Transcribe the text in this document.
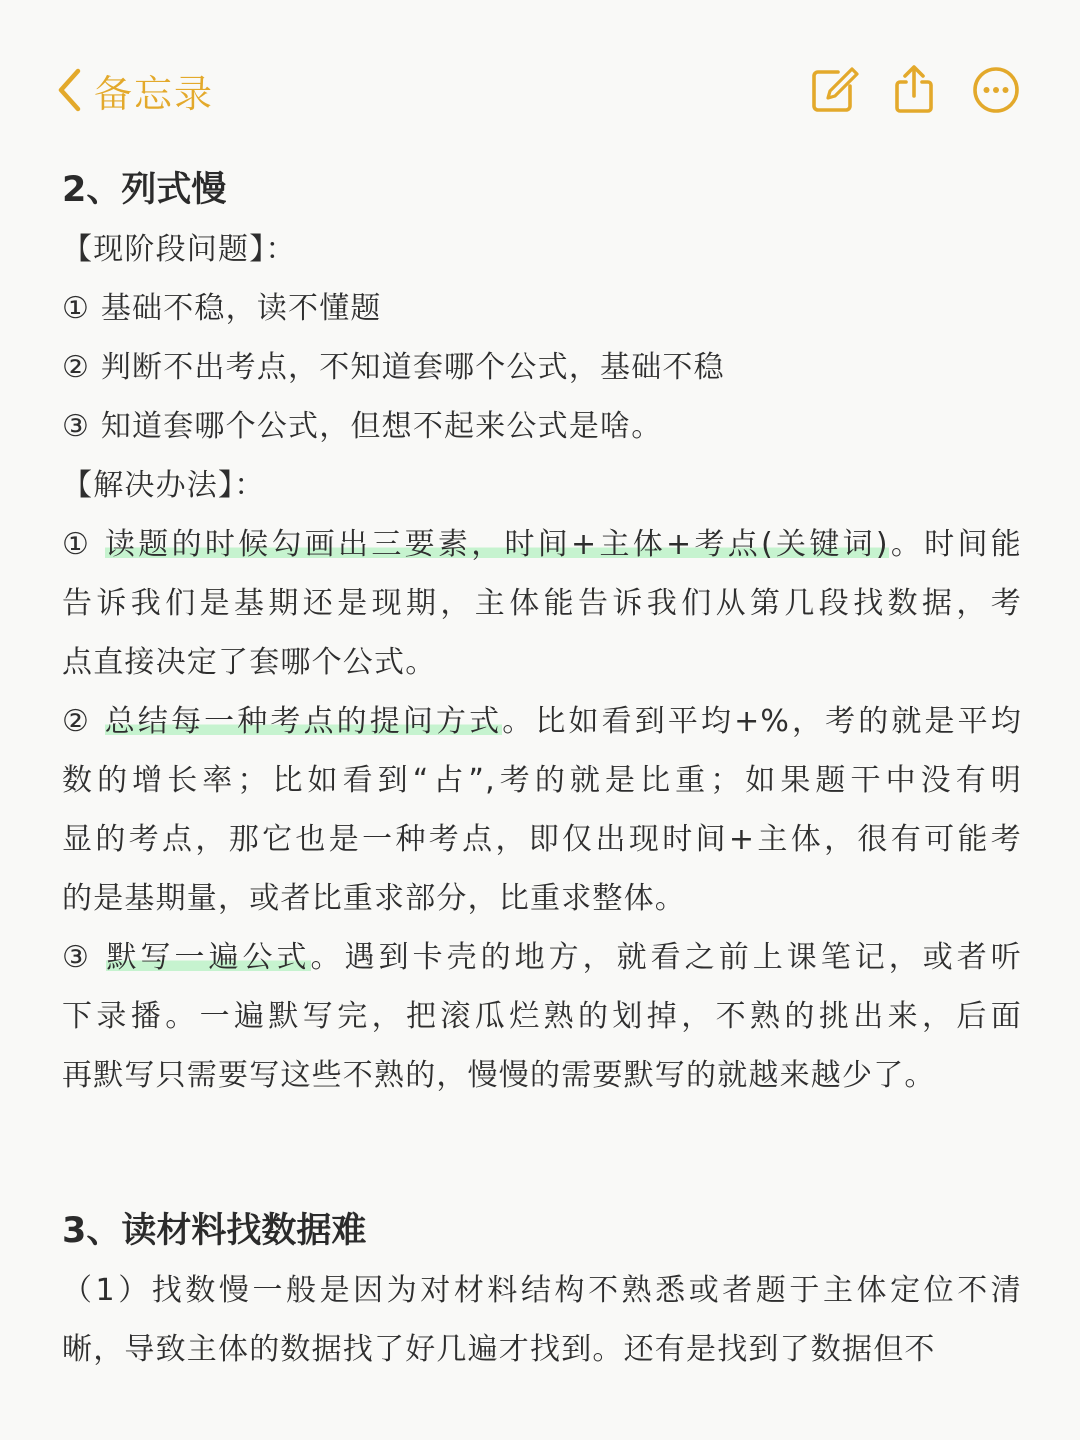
备忘录
2、列式慢
【现阶段问题】：
① 基础不稳，读不懂题
② 判断不出考点，不知道套哪个公式，基础不稳
③ 知道套哪个公式，但想不起来公式是啥。
【解决办法】：
① 读题的时候勾画出三要素，时间+主体+考点(关键词)。时间能
告诉我们是基期还是现期，主体能告诉我们从第几段找数据，考
点直接决定了套哪个公式。
② 总结每一种考点的提问方式。比如看到平均+%，考的就是平均
数的增长率；比如看到“占”,考的就是比重；如果题干中没有明
显的考点，那它也是一种考点，即仅出现时间+主体，很有可能考
的是基期量，或者比重求部分，比重求整体。
③ 默写一遍公式。遇到卡壳的地方，就看之前上课笔记，或者听
下录播。一遍默写完，把滚瓜烂熟的划掉，不熟的挑出来，后面
再默写只需要写这些不熟的，慢慢的需要默写的就越来越少了。
3、读材料找数据难
（1）找数慢一般是因为对材料结构不熟悉或者题于主体定位不清
晰，导致主体的数据找了好几遍才找到。还有是找到了数据但不
